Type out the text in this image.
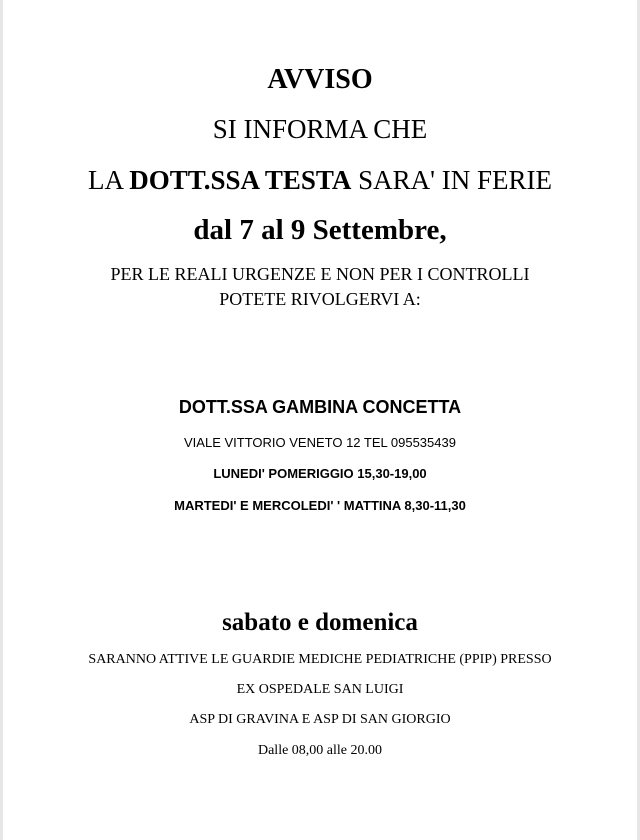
AVVISO
SI INFORMA CHE
LA DOTT.SSA TESTA SARA' IN FERIE
dal 7 al 9 Settembre,
PER LE REALI URGENZE E NON PER I CONTROLLI
POTETE RIVOLGERVI A:
DOTT.SSA GAMBINA CONCETTA
VIALE VITTORIO VENETO 12 TEL 095535439
LUNEDI' POMERIGGIO 15,30-19,00
MARTEDI' E MERCOLEDI' ' MATTINA 8,30-11,30
sabato e domenica
SARANNO ATTIVE LE GUARDIE MEDICHE PEDIATRICHE (PPIP) PRESSO
EX OSPEDALE SAN LUIGI
ASP DI GRAVINA E ASP DI SAN GIORGIO
Dalle 08,00 alle 20.00
